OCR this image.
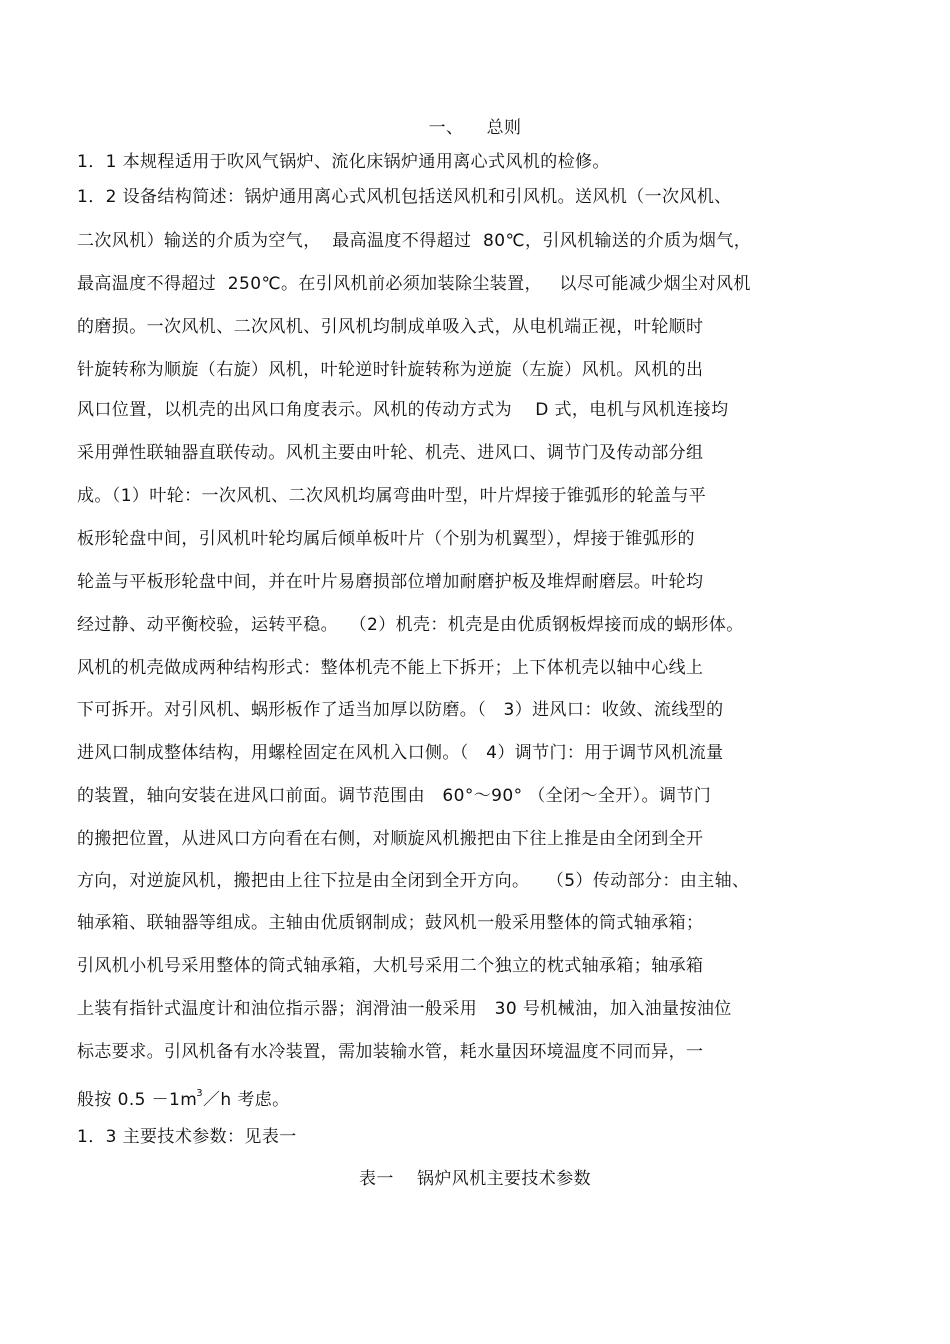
一、    总则
1．1 本规程适用于吹风气锅炉、流化床锅炉通用离心式风机的检修。
1．2 设备结构简述：锅炉通用离心式风机包括送风机和引风机。送风机（一次风机、
二次风机）输送的介质为空气，  最高温度不得超过  80℃，引风机输送的介质为烟气，
最高温度不得超过  250℃。在引风机前必须加装除尘装置，   以尽可能减少烟尘对风机
的磨损。一次风机、二次风机、引风机均制成单吸入式，从电机端正视，叶轮顺时
针旋转称为顺旋（右旋）风机，叶轮逆时针旋转称为逆旋（左旋）风机。风机的出
风口位置，以机壳的出风口角度表示。风机的传动方式为    D 式，电机与风机连接均
采用弹性联轴器直联传动。风机主要由叶轮、机壳、进风口、调节门及传动部分组
成。（1）叶轮：一次风机、二次风机均属弯曲叶型，叶片焊接于锥弧形的轮盖与平
板形轮盘中间，引风机叶轮均属后倾单板叶片（个别为机翼型），焊接于锥弧形的
轮盖与平板形轮盘中间，并在叶片易磨损部位增加耐磨护板及堆焊耐磨层。叶轮均
经过静、动平衡校验，运转平稳。  （2）机壳：机壳是由优质钢板焊接而成的蜗形体。
风机的机壳做成两种结构形式：整体机壳不能上下拆开；上下体机壳以轴中心线上
下可拆开。对引风机、蜗形板作了适当加厚以防磨。（   3）进风口：收敛、流线型的
进风口制成整体结构，用螺栓固定在风机入口侧。（   4）调节门：用于调节风机流量
的装置，轴向安装在进风口前面。调节范围由   60°～90° （全闭～全开）。调节门
的搬把位置，从进风口方向看在右侧，对顺旋风机搬把由下往上推是由全闭到全开
方向，对逆旋风机，搬把由上往下拉是由全闭到全开方向。   （5）传动部分：由主轴、
轴承箱、联轴器等组成。主轴由优质钢制成；鼓风机一般采用整体的筒式轴承箱；
引风机小机号采用整体的筒式轴承箱，大机号采用二个独立的枕式轴承箱；轴承箱
上装有指针式温度计和油位指示器；润滑油一般采用   30 号机械油，加入油量按油位
标志要求。引风机备有水冷装置，需加装输水管，耗水量因环境温度不同而异，一
般按 $0.5 -1m^3/h$ 考虑。
1．3 主要技术参数：见表一
表一    锅炉风机主要技术参数
